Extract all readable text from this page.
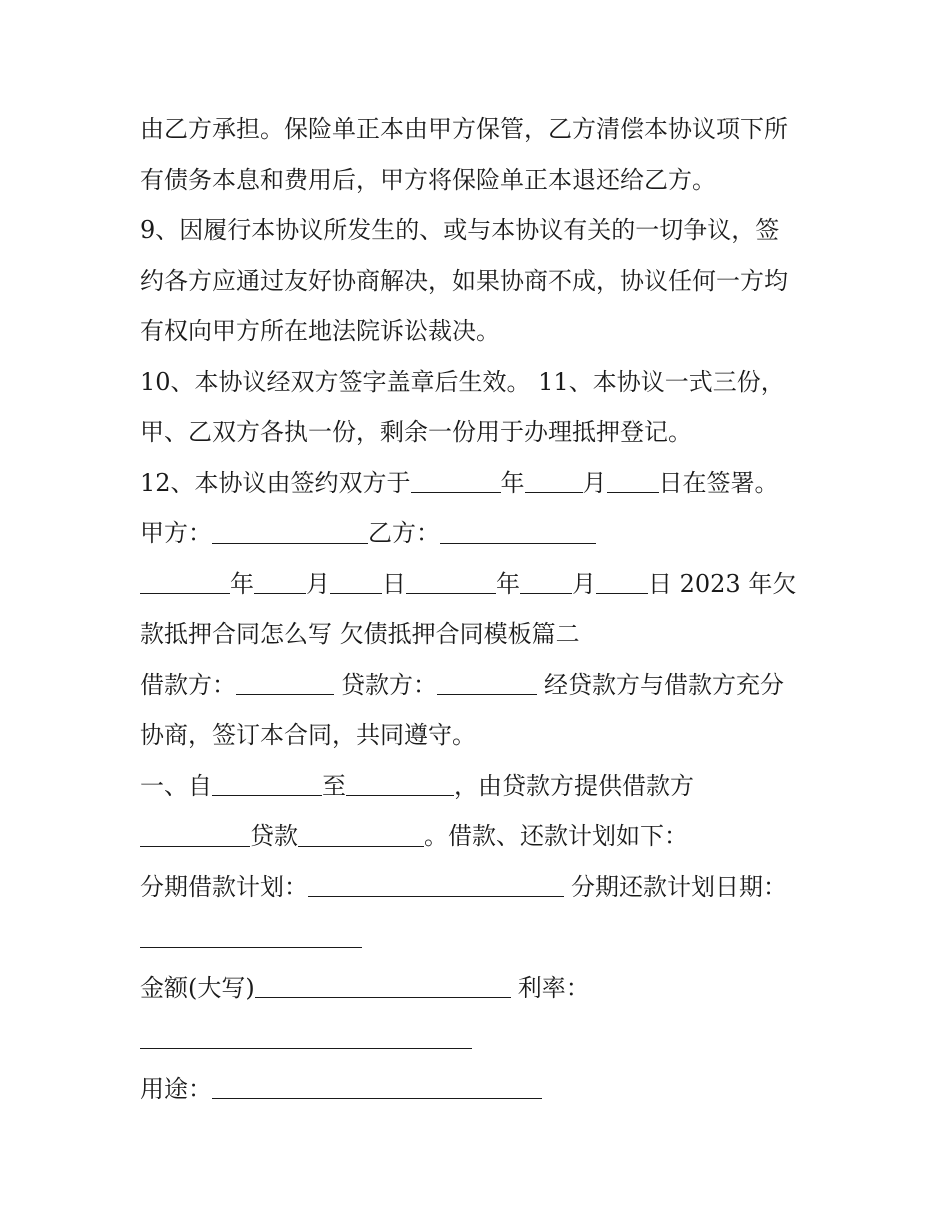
由乙方承担。保险单正本由甲方保管，乙方清偿本协议项下所
有债务本息和费用后，甲方将保险单正本退还给乙方。
9、因履行本协议所发生的、或与本协议有关的一切争议，签
约各方应通过友好协商解决，如果协商不成，协议任何一方均
有权向甲方所在地法院诉讼裁决。
10、本协议经双方签字盖章后生效。 11、本协议一式三份，
甲、乙双方各执一份，剩余一份用于办理抵押登记。
12、本协议由签约双方于	年 月 日在签署。
甲方：	乙方：
年 月 日	年 月 日 2023 年欠
款抵押合同怎么写 欠债抵押合同模板篇二
借款方：	贷款方：	经贷款方与借款方充分
协商，签订本合同，共同遵守。
一、自	至	，由贷款方提供借款方
贷款	。借款、还款计划如下：
分期借款计划：	分期还款计划日期：
金额(大写)	利率：
用途：
